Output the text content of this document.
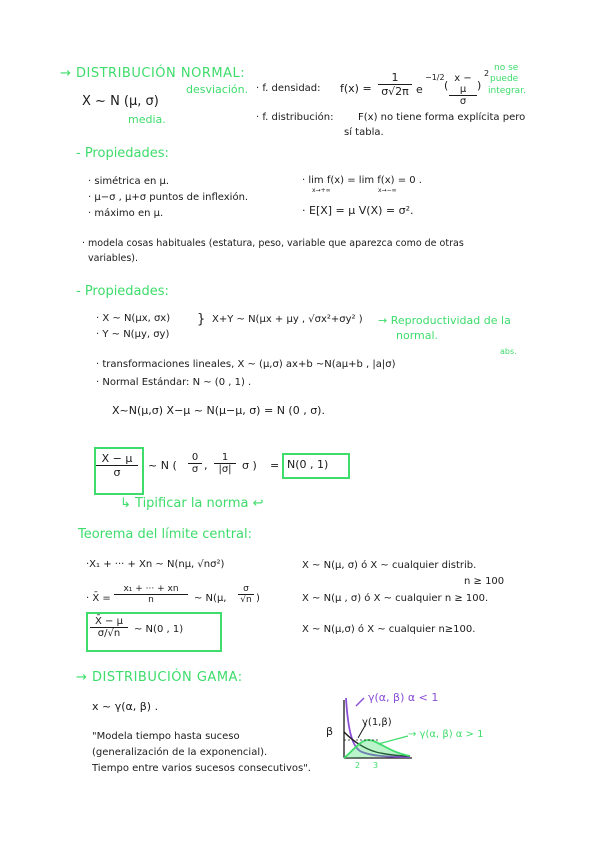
→ DISTRIBUCIÓN NORMAL:
X ~ N (μ, σ)
desviación.
media.
· f. densidad: $f(x) = \frac{1}{\sigma√2\pi}$ e
−1/2
( $\frac{x - \mu}{\sigma}$ )
2
no se
puede
integrar.
· f. distribución: F(x) no tiene forma explícita pero
sí tabla.
- Propiedades:
· simétrica en μ.
· μ−σ , μ+σ puntos de inflexión.
· máximo en μ.
· lim f(x) = lim f(x) = 0 .
x→+∞	x→−∞
· E[X] = μ V(X) = σ².
· modela cosas habituales (estatura, peso, variable que aparezca como de otras
variables).
- Propiedades:
· X ~ N(μx, σx)
· Y ~ N(μy, σy)
} X+Y ~ N(μx + μy , √σx²+σy² ) → Reproductividad de la
normal.
abs.
· transformaciones lineales, X ~ (μ,σ) ax+b ~N(aμ+b , |a|σ)
· Normal Estándar: N ~ (0 , 1) .
X~N(μ,σ) X−μ ~ N(μ−μ, σ) = N (0 , σ).
$\frac{X - \mu}{\sigma}$ ~ N ( $\frac{0}{\sigma}$ , $\frac{1}{|\sigma|}$ σ ) = N(0 , 1)
↳ Tipificar la norma ↩
Teorema del límite central:
·X₁ + ··· + Xn ~ N(nμ, √nσ²)
· X̄ = $\frac{\text{x₁ + ··· + xn}}{n}$ ~ N(μ, $\frac{\sigma}{√n}$ )
$\frac{X̄ - \mu}{\sigma/√n}$ ~ N(0 , 1)
X ~ N(μ, σ) ó X ~ cualquier distrib.
n ≥ 100
X ~ N(μ , σ) ó X ~ cualquier n ≥ 100.
X ~ N(μ,σ) ó X ~ cualquier n≥100.
→ DISTRIBUCIÓN GAMA:
x ~ γ(α, β) .
"Modela tiempo hasta suceso
(generalización de la exponencial).
Tiempo entre varios sucesos consecutivos".
β
γ(α, β) α < 1
γ(1,β)
→ γ(α, β) α > 1
2 3
